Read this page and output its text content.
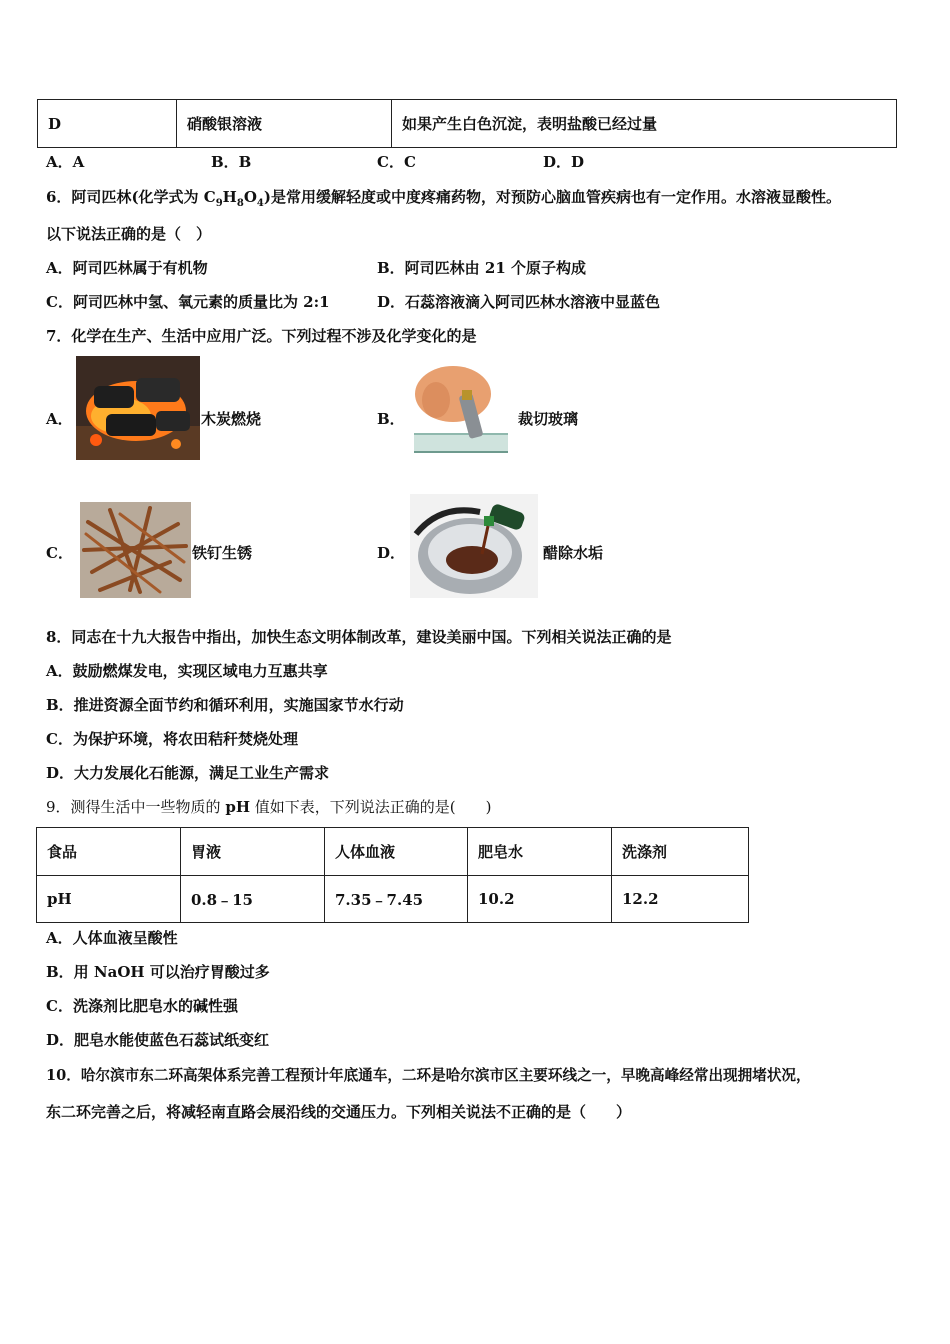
D	硝酸银溶液	如果产生白色沉淀，表明盐酸已经过量
A．A	B．B	C．C	D．D
6．阿司匹林(化学式为 $C_9H_8O_4$)是常用缓解轻度或中度疼痛药物，对预防心脑血管疾病也有一定作用。水溶液显酸性。
以下说法正确的是（　）
A．阿司匹林属于有机物	B．阿司匹林由 21 个原子构成
C．阿司匹林中氢、氧元素的质量比为 2:1	D．石蕊溶液滴入阿司匹林水溶液中显蓝色
7．化学在生产、生活中应用广泛。下列过程不涉及化学变化的是
A．	木炭燃烧	B．	裁切玻璃
C．	铁钉生锈	D．	醋除水垢
8．同志在十九大报告中指出，加快生态文明体制改革，建设美丽中国。下列相关说法正确的是
A．鼓励燃煤发电，实现区域电力互惠共享
B．推进资源全面节约和循环利用，实施国家节水行动
C．为保护环境，将农田秸秆焚烧处理
D．大力发展化石能源，满足工业生产需求
9．测得生活中一些物质的 pH 值如下表，下列说法正确的是(　　)
食品	胃液	人体血液	肥皂水	洗涤剂
pH	0.8﹣15	7.35﹣7.45	10.2	12.2
A．人体血液呈酸性
B．用 NaOH 可以治疗胃酸过多
C．洗涤剂比肥皂水的碱性强
D．肥皂水能使蓝色石蕊试纸变红
10．哈尔滨市东二环高架体系完善工程预计年底通车，二环是哈尔滨市区主要环线之一，早晚高峰经常出现拥堵状况，
东二环完善之后，将减轻南直路会展沿线的交通压力。下列相关说法不正确的是（　　）
